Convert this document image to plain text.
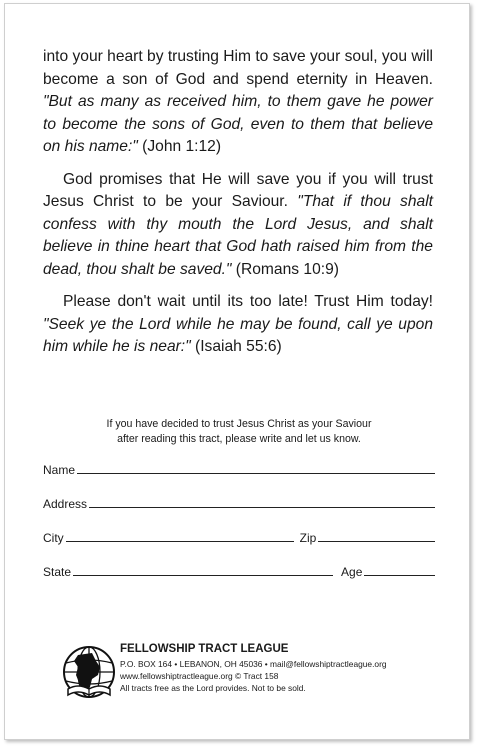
into your heart by trusting Him to save your soul, you will become a son of God and spend eternity in Heaven. "But as many as received him, to them gave he power to become the sons of God, even to them that believe on his name:" (John 1:12)

God promises that He will save you if you will trust Jesus Christ to be your Saviour. "That if thou shalt confess with thy mouth the Lord Jesus, and shalt believe in thine heart that God hath raised him from the dead, thou shalt be saved." (Romans 10:9)

Please don't wait until its too late! Trust Him today! "Seek ye the Lord while he may be found, call ye upon him while he is near:" (Isaiah 55:6)

If you have decided to trust Jesus Christ as your Saviour
after reading this tract, please write and let us know.
Name
Address
City	Zip
State	Age
FELLOWSHIP TRACT LEAGUE
P.O. BOX 164 • LEBANON, OH 45036 • mail@fellowshiptractleague.org
www.fellowshiptractleague.org © Tract 158
All tracts free as the Lord provides. Not to be sold.
